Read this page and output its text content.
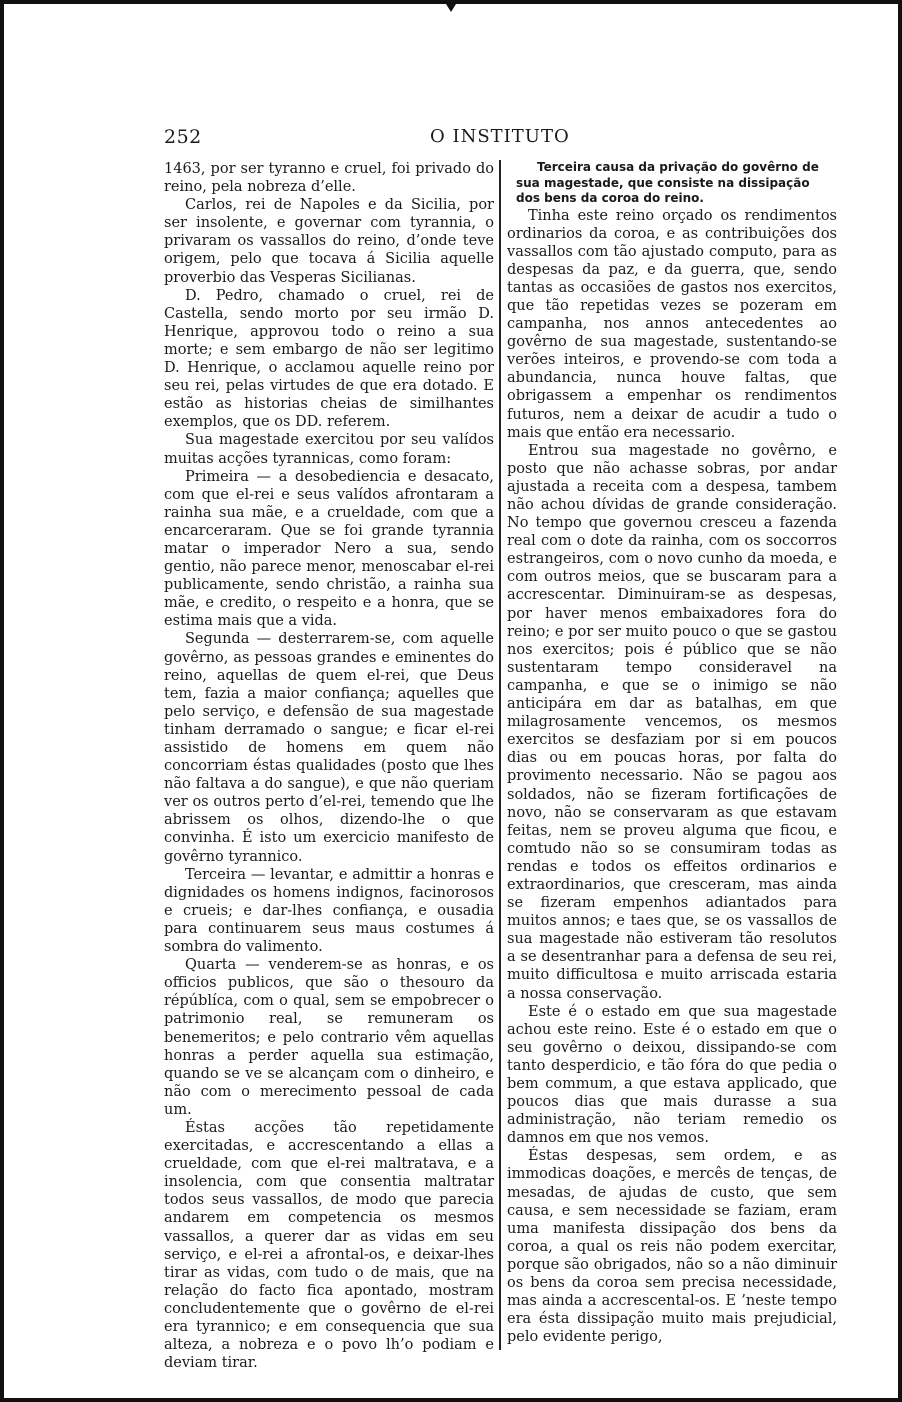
252	O INSTITUTO

1463, por ser tyranno e cruel, foi privado do reino, pela nobreza d’elle.

Carlos, rei de Napoles e da Sicilia, por ser insolente, e governar com tyrannia, o privaram os vassallos do reino, d’onde teve origem, pelo que tocava á Sicilia aquelle proverbio das Vesperas Sicilianas.

D. Pedro, chamado o cruel, rei de Castella, sendo morto por seu irmão D. Henrique, approvou todo o reino a sua morte; e sem embargo de não ser legitimo D. Henrique, o acclamou aquelle reino por seu rei, pelas virtudes de que era dotado. E estão as historias cheias de similhantes exemplos, que os DD. referem.

Sua magestade exercitou por seu valídos muitas acções tyrannicas, como foram:

Primeira — a desobediencia e desacato, com que el-rei e seus valídos afrontaram a rainha sua mãe, e a crueldade, com que a encarceraram. Que se foi grande tyrannia matar o imperador Nero a sua, sendo gentio, não parece menor, menoscabar el-rei publicamente, sendo christão, a rainha sua mãe, e credito, o respeito e a honra, que se estima mais que a vida.

Segunda — desterrarem-se, com aquelle govêrno, as pessoas grandes e eminentes do reino, aquellas de quem el-rei, que Deus tem, fazia a maior confiança; aquelles que pelo serviço, e defensão de sua magestade tinham derramado o sangue; e ficar el-rei assistido de homens em quem não concorriam éstas qualidades (posto que lhes não faltava a do sangue), e que não queriam ver os outros perto d’el-rei, temendo que lhe abrissem os olhos, dizendo-lhe o que convinha. É isto um exercicio manifesto de govêrno tyrannico.

Terceira — levantar, e admittir a honras e dignidades os homens indignos, facinorosos e crueis; e dar-lhes confiança, e ousadia para continuarem seus maus costumes á sombra do valimento.

Quarta — venderem-se as honras, e os officios publicos, que são o thesouro da répúblíca, com o qual, sem se empobrecer o patrimonio real, se remuneram os benemeritos; e pelo contrario vêm aquellas honras a perder aquella sua estimação, quando se ve se alcançam com o dinheiro, e não com o merecimento pessoal de cada um.

Éstas acções tão repetidamente exercitadas, e accrescentando a ellas a crueldade, com que el-rei maltratava, e a insolencia, com que consentia maltratar todos seus vassallos, de modo que parecia andarem em competencia os mesmos vassallos, a querer dar as vidas em seu serviço, e el-rei a afrontal-os, e deixar-lhes tirar as vidas, com tudo o de mais, que na relação do facto fica apontado, mostram concludentemente que o govêrno de el-rei era tyrannico; e em consequencia que sua alteza, a nobreza e o povo lh’o podiam e deviam tirar.

Terceira causa da privação do govêrno de sua magestade, que consiste na dissipação dos bens da coroa do reino.

Tinha este reino orçado os rendimentos ordinarios da coroa, e as contribuições dos vassallos com tão ajustado computo, para as despesas da paz, e da guerra, que, sendo tantas as occasiões de gastos nos exercitos, que tão repetidas vezes se pozeram em campanha, nos annos antecedentes ao govêrno de sua magestade, sustentando-se verões inteiros, e provendo-se com toda a abundancia, nunca houve faltas, que obrigassem a empenhar os rendimentos futuros, nem a deixar de acudir a tudo o mais que então era necessario.

Entrou sua magestade no govêrno, e posto que não achasse sobras, por andar ajustada a receita com a despesa, tambem não achou dívidas de grande consideração. No tempo que governou cresceu a fazenda real com o dote da rainha, com os soccorros estrangeiros, com o novo cunho da moeda, e com outros meios, que se buscaram para a accrescentar. Diminuiram-se as despesas, por haver menos embaixadores fora do reino; e por ser muito pouco o que se gastou nos exercitos; pois é público que se não sustentaram tempo consideravel na campanha, e que se o inimigo se não anticipára em dar as batalhas, em que milagrosamente vencemos, os mesmos exercitos se desfaziam por si em poucos dias ou em poucas horas, por falta do provimento necessario. Não se pagou aos soldados, não se fizeram fortificações de novo, não se conservaram as que estavam feitas, nem se proveu alguma que ficou, e comtudo não so se consumiram todas as rendas e todos os effeitos ordinarios e extraordinarios, que cresceram, mas ainda se fizeram empenhos adiantados para muitos annos; e taes que, se os vassallos de sua magestade não estiveram tão resolutos a se desentranhar para a defensa de seu rei, muito difficultosa e muito arriscada estaria a nossa conservação.

Este é o estado em que sua magestade achou este reino. Este é o estado em que o seu govêrno o deixou, dissipando-se com tanto desperdicio, e tão fóra do que pedia o bem commum, a que estava applicado, que poucos dias que mais durasse a sua administração, não teriam remedio os damnos em que nos vemos.

Éstas despesas, sem ordem, e as immodicas doações, e mercês de tenças, de mesadas, de ajudas de custo, que sem causa, e sem necessidade se faziam, eram uma manifesta dissipação dos bens da coroa, a qual os reis não podem exercitar, porque são obrigados, não so a não diminuir os bens da coroa sem precisa necessidade, mas ainda a accrescental-os. E ’neste tempo era ésta dissipação muito mais prejudicial, pelo evidente perigo,
